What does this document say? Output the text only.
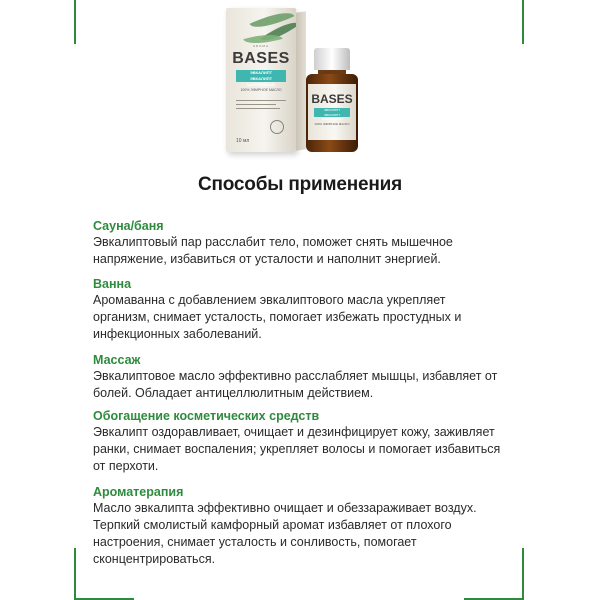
AROMA
BASES
ЭВКАЛИПТ
ЭВКАЛИПТ ШАРИКОВЫЙ
100% ЭФИРНОЕ МАСЛО
10 мл
BASES
ЭВКАЛИПТ
ЭВКАЛИПТ ШАРИКОВЫЙ
100% ЭФИРНОЕ МАСЛО
Способы применения
Сауна/баня
Эвкалиптовый пар расслабит тело, поможет снять мышечное
напряжение, избавиться от усталости и наполнит энергией.
Ванна
Аромаванна с добавлением эвкалиптового масла укрепляет
организм, снимает усталость, помогает избежать простудных и
инфекционных заболеваний.
Массаж
Эвкалиптовое масло эффективно расслабляет мышцы, избавляет от
болей. Обладает антицеллюлитным действием.
Обогащение косметических средств
Эвкалипт оздоравливает, очищает и дезинфицирует кожу, заживляет
ранки, снимает воспаления; укрепляет волосы и помогает избавиться
от перхоти.
Ароматерапия
Масло эвкалипта эффективно очищает и обеззараживает воздух.
Терпкий смолистый камфорный аромат избавляет от плохого
настроения, снимает усталость и сонливость, помогает
сконцентрироваться.
